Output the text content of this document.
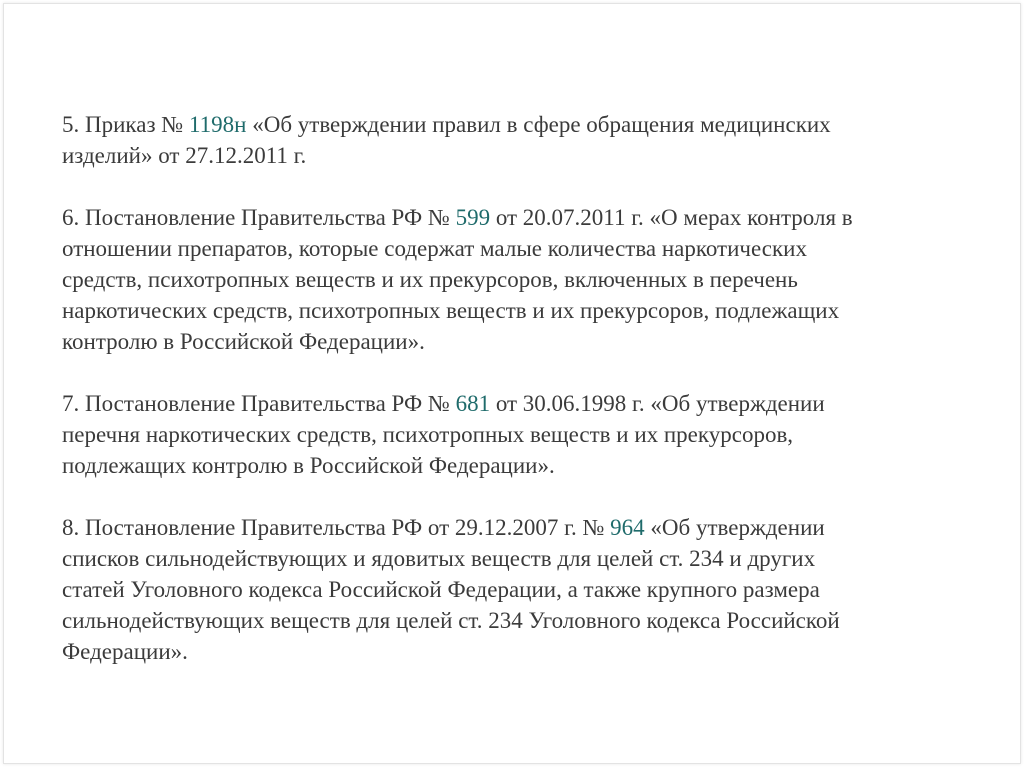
5. Приказ № 1198н «Об утверждении правил в сфере обращения медицинских
изделий» от 27.12.2011 г.
6. Постановление Правительства РФ № 599 от 20.07.2011 г. «О мерах контроля в
отношении препаратов, которые содержат малые количества наркотических
средств, психотропных веществ и их прекурсоров, включенных в перечень
наркотических средств, психотропных веществ и их прекурсоров, подлежащих
контролю в Российской Федерации».
7. Постановление Правительства РФ № 681 от 30.06.1998 г. «Об утверждении
перечня наркотических средств, психотропных веществ и их прекурсоров,
подлежащих контролю в Российской Федерации».
8. Постановление Правительства РФ от 29.12.2007 г. № 964 «Об утверждении
списков сильнодействующих и ядовитых веществ для целей ст. 234 и других
статей Уголовного кодекса Российской Федерации, а также крупного размера
сильнодействующих веществ для целей ст. 234 Уголовного кодекса Российской
Федерации».
